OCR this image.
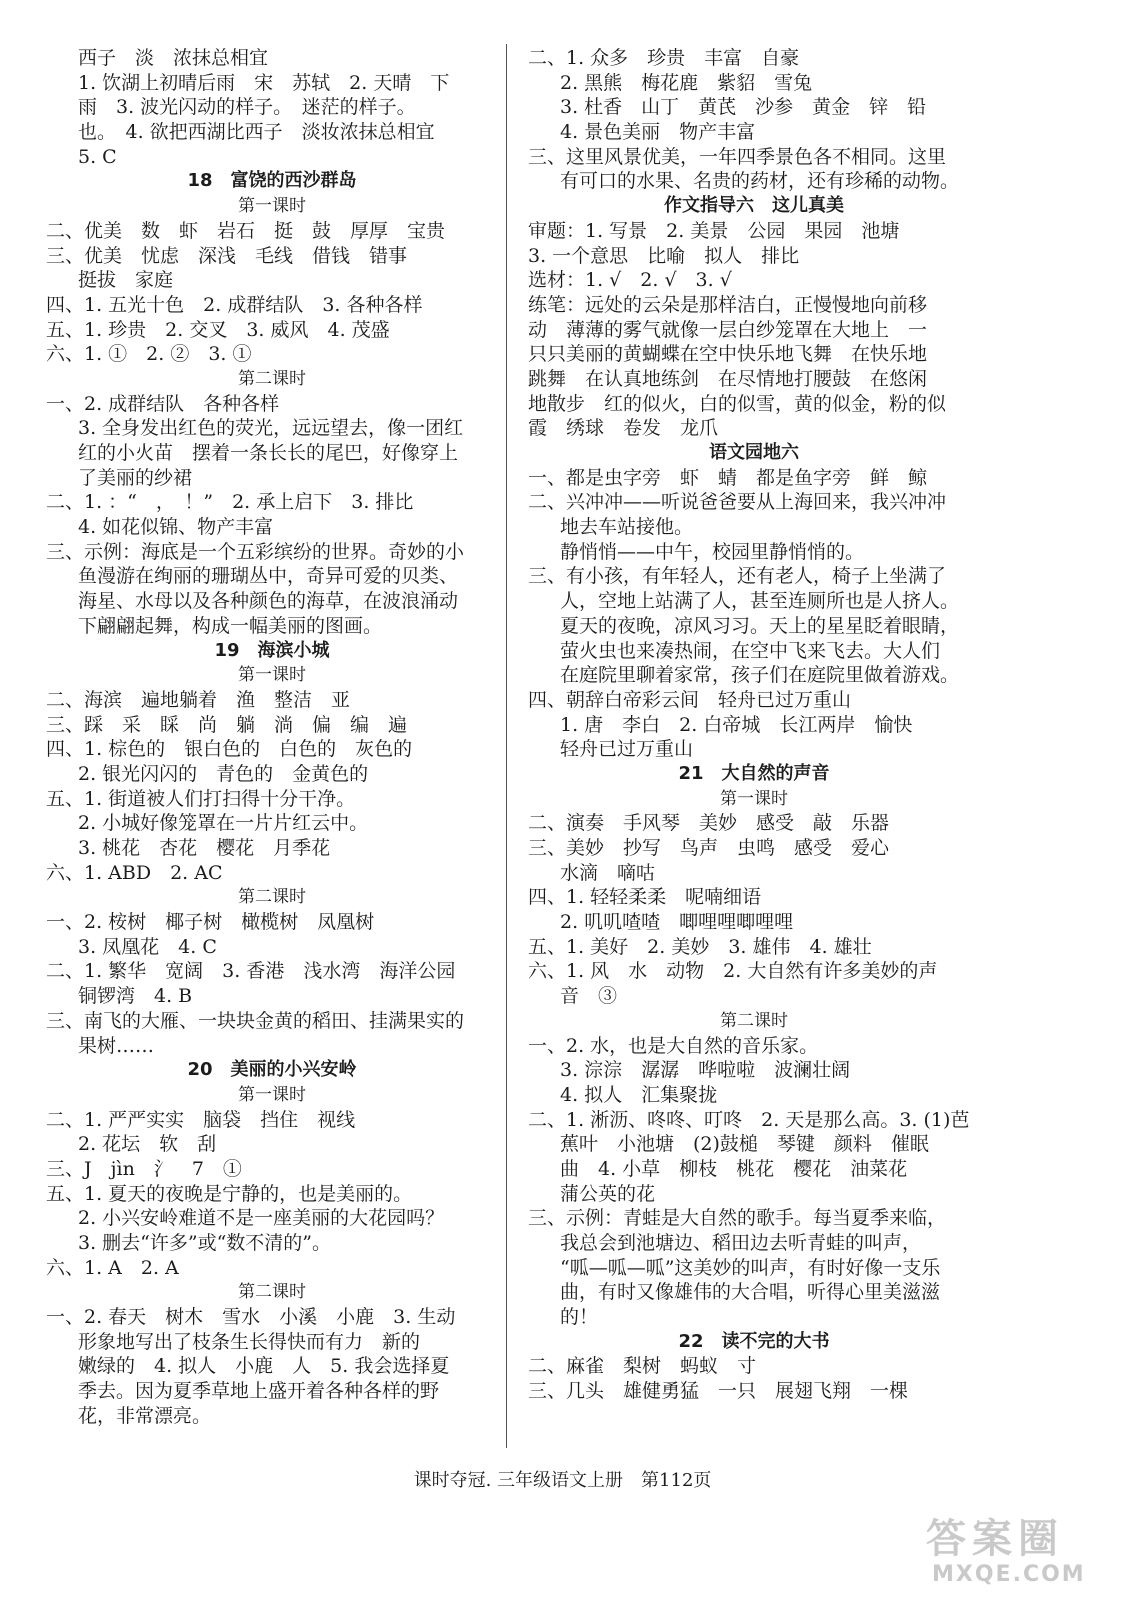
西子　淡　浓抹总相宜
1. 饮湖上初晴后雨　宋　苏轼　2. 天晴　下
雨　3. 波光闪动的样子。　迷茫的样子。
也。　4. 欲把西湖比西子　淡妆浓抹总相宜
5. C
18　富饶的西沙群岛
第一课时
二、优美　数　虾　岩石　挺　鼓　厚厚　宝贵
三、优美　忧虑　深浅　毛线　借钱　错事
挺拔　家庭
四、1. 五光十色　2. 成群结队　3. 各种各样
五、1. 珍贵　2. 交叉　3. 威风　4. 茂盛
六、1. ①　2. ②　3. ①
第二课时
一、2. 成群结队　各种各样
3. 全身发出红色的荧光，远远望去，像一团红
红的小火苗　摆着一条长长的尾巴，好像穿上
了美丽的纱裙
二、1. ：“　，　！”　2. 承上启下　3. 排比
4. 如花似锦、物产丰富
三、示例：海底是一个五彩缤纷的世界。奇妙的小
鱼漫游在绚丽的珊瑚丛中，奇异可爱的贝类、
海星、水母以及各种颜色的海草，在波浪涌动
下翩翩起舞，构成一幅美丽的图画。
19　海滨小城
第一课时
二、海滨　遍地躺着　渔　整洁　亚
三、踩　采　睬　尚　躺　淌　偏　编　遍
四、1. 棕色的　银白色的　白色的　灰色的
2. 银光闪闪的　青色的　金黄色的
五、1. 街道被人们打扫得十分干净。
2. 小城好像笼罩在一片片红云中。
3. 桃花　杏花　樱花　月季花
六、1. ABD　2. AC
第二课时
一、2. 桉树　椰子树　橄榄树　凤凰树
3. 凤凰花　4. C
二、1. 繁华　宽阔　3. 香港　浅水湾　海洋公园
铜锣湾　4. B
三、南飞的大雁、一块块金黄的稻田、挂满果实的
果树……
20　美丽的小兴安岭
第一课时
二、1. 严严实实　脑袋　挡住　视线
2. 花坛　软　刮
三、J　jìn　氵　7　①
五、1. 夏天的夜晚是宁静的，也是美丽的。
2. 小兴安岭难道不是一座美丽的大花园吗？
3. 删去“许多”或“数不清的”。
六、1. A　2. A
第二课时
一、2. 春天　树木　雪水　小溪　小鹿　3. 生动
形象地写出了枝条生长得快而有力　新的
嫩绿的　4. 拟人　小鹿　人　5. 我会选择夏
季去。因为夏季草地上盛开着各种各样的野
花，非常漂亮。
二、1. 众多　珍贵　丰富　自豪
2. 黑熊　梅花鹿　紫貂　雪兔
3. 杜香　山丁　黄芪　沙参　黄金　锌　铅
4. 景色美丽　物产丰富
三、这里风景优美，一年四季景色各不相同。这里
有可口的水果、名贵的药材，还有珍稀的动物。
作文指导六　这儿真美
审题：1. 写景　2. 美景　公园　果园　池塘
3. 一个意思　比喻　拟人　排比
选材：1. √　2. √　3. √
练笔：远处的云朵是那样洁白，正慢慢地向前移
动　薄薄的雾气就像一层白纱笼罩在大地上　一
只只美丽的黄蝴蝶在空中快乐地飞舞　在快乐地
跳舞　在认真地练剑　在尽情地打腰鼓　在悠闲
地散步　红的似火，白的似雪，黄的似金，粉的似
霞　绣球　卷发　龙爪
语文园地六
一、都是虫字旁　虾　蜻　都是鱼字旁　鲜　鲸
二、兴冲冲——听说爸爸要从上海回来，我兴冲冲
地去车站接他。
静悄悄——中午，校园里静悄悄的。
三、有小孩，有年轻人，还有老人，椅子上坐满了
人，空地上站满了人，甚至连厕所也是人挤人。
夏天的夜晚，凉风习习。天上的星星眨着眼睛，
萤火虫也来凑热闹，在空中飞来飞去。大人们
在庭院里聊着家常，孩子们在庭院里做着游戏。
四、朝辞白帝彩云间　轻舟已过万重山
1. 唐　李白　2. 白帝城　长江两岸　愉快
轻舟已过万重山
21　大自然的声音
第一课时
二、演奏　手风琴　美妙　感受　敲　乐器
三、美妙　抄写　鸟声　虫鸣　感受　爱心
水滴　嘀咕
四、1. 轻轻柔柔　呢喃细语
2. 叽叽喳喳　唧哩哩唧哩哩
五、1. 美好　2. 美妙　3. 雄伟　4. 雄壮
六、1. 风　水　动物　2. 大自然有许多美妙的声
音　③
第二课时
一、2. 水，也是大自然的音乐家。
3. 淙淙　潺潺　哗啦啦　波澜壮阔
4. 拟人　汇集聚拢
二、1. 淅沥、咚咚、叮咚　2. 天是那么高。3. (1)芭
蕉叶　小池塘　(2)鼓槌　琴键　颜料　催眠
曲　4. 小草　柳枝　桃花　樱花　油菜花
蒲公英的花
三、示例：青蛙是大自然的歌手。每当夏季来临，
我总会到池塘边、稻田边去听青蛙的叫声，
“呱—呱—呱”这美妙的叫声，有时好像一支乐
曲，有时又像雄伟的大合唱，听得心里美滋滋
的！
22　读不完的大书
二、麻雀　梨树　蚂蚁　寸
三、几头　雄健勇猛　一只　展翅飞翔　一棵
课时夺冠. 三年级语文上册　第112页
答案圈
MXQE.COM
